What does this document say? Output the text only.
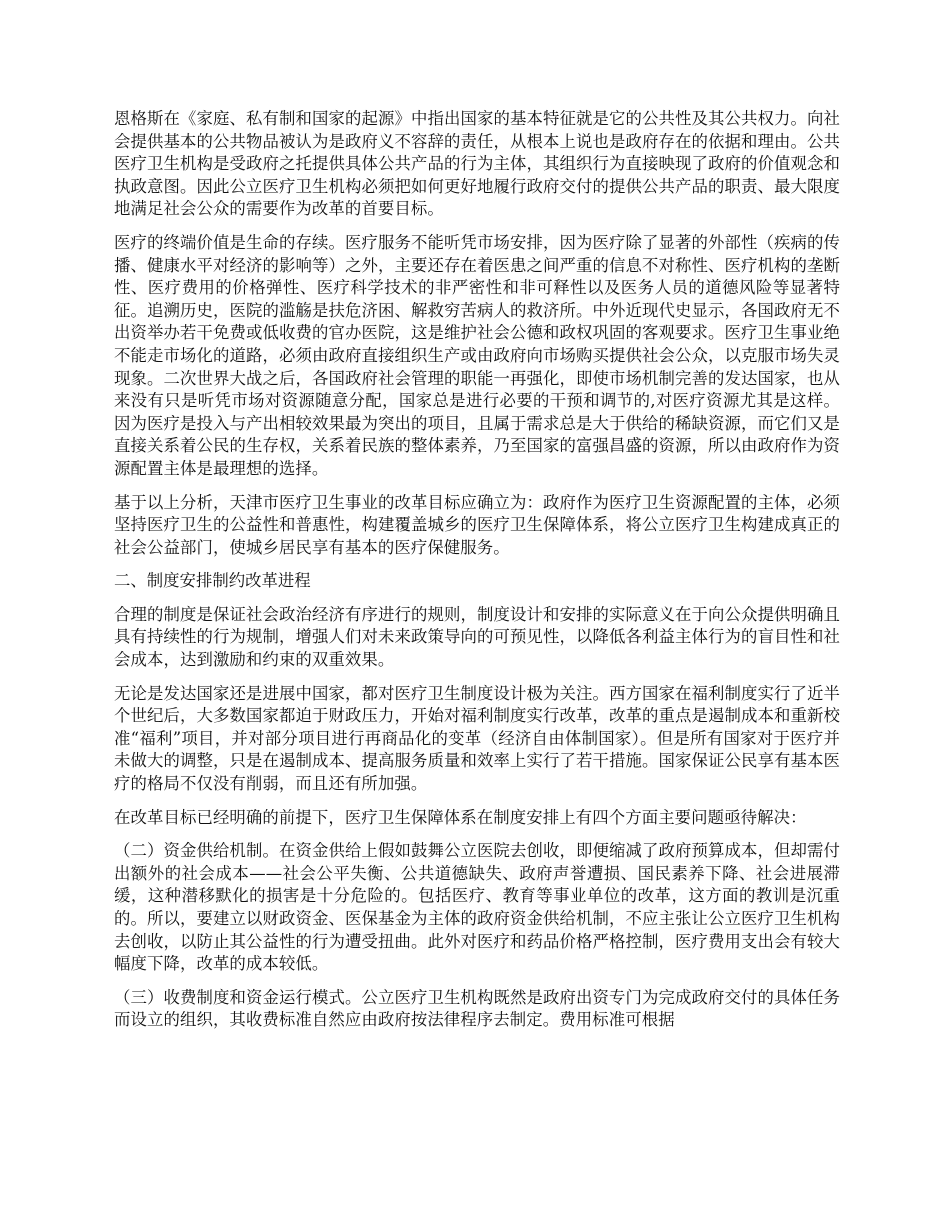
恩格斯在《家庭、私有制和国家的起源》中指出国家的基本特征就是它的公共性及其公共权力。向社会提供基本的公共物品被认为是政府义不容辞的责任，从根本上说也是政府存在的依据和理由。公共医疗卫生机构是受政府之托提供具体公共产品的行为主体，其组织行为直接映现了政府的价值观念和执政意图。因此公立医疗卫生机构必须把如何更好地履行政府交付的提供公共产品的职责、最大限度地满足社会公众的需要作为改革的首要目标。

医疗的终端价值是生命的存续。医疗服务不能听凭市场安排，因为医疗除了显著的外部性（疾病的传播、健康水平对经济的影响等）之外，主要还存在着医患之间严重的信息不对称性、医疗机构的垄断性、医疗费用的价格弹性、医疗科学技术的非严密性和非可释性以及医务人员的道德风险等显著特征。追溯历史，医院的滥觞是扶危济困、解救穷苦病人的救济所。中外近现代史显示，各国政府无不出资举办若干免费或低收费的官办医院，这是维护社会公德和政权巩固的客观要求。医疗卫生事业绝不能走市场化的道路，必须由政府直接组织生产或由政府向市场购买提供社会公众，以克服市场失灵现象。二次世界大战之后，各国政府社会管理的职能一再强化，即使市场机制完善的发达国家，也从来没有只是听凭市场对资源随意分配，国家总是进行必要的干预和调节的,对医疗资源尤其是这样。因为医疗是投入与产出相较效果最为突出的项目，且属于需求总是大于供给的稀缺资源，而它们又是直接关系着公民的生存权，关系着民族的整体素养，乃至国家的富强昌盛的资源，所以由政府作为资源配置主体是最理想的选择。

基于以上分析，天津市医疗卫生事业的改革目标应确立为：政府作为医疗卫生资源配置的主体，必须坚持医疗卫生的公益性和普惠性，构建覆盖城乡的医疗卫生保障体系，将公立医疗卫生构建成真正的社会公益部门，使城乡居民享有基本的医疗保健服务。

二、制度安排制约改革进程

合理的制度是保证社会政治经济有序进行的规则，制度设计和安排的实际意义在于向公众提供明确且具有持续性的行为规制，增强人们对未来政策导向的可预见性，以降低各利益主体行为的盲目性和社会成本，达到激励和约束的双重效果。

无论是发达国家还是进展中国家，都对医疗卫生制度设计极为关注。西方国家在福利制度实行了近半个世纪后，大多数国家都迫于财政压力，开始对福利制度实行改革，改革的重点是遏制成本和重新校准“福利”项目，并对部分项目进行再商品化的变革（经济自由体制国家）。但是所有国家对于医疗并未做大的调整，只是在遏制成本、提高服务质量和效率上实行了若干措施。国家保证公民享有基本医疗的格局不仅没有削弱，而且还有所加强。

在改革目标已经明确的前提下，医疗卫生保障体系在制度安排上有四个方面主要问题亟待解决：

（二）资金供给机制。在资金供给上假如鼓舞公立医院去创收，即便缩减了政府预算成本，但却需付出额外的社会成本——社会公平失衡、公共道德缺失、政府声誉遭损、国民素养下降、社会进展滞缓，这种潜移默化的损害是十分危险的。包括医疗、教育等事业单位的改革，这方面的教训是沉重的。所以，要建立以财政资金、医保基金为主体的政府资金供给机制，不应主张让公立医疗卫生机构去创收，以防止其公益性的行为遭受扭曲。此外对医疗和药品价格严格控制，医疗费用支出会有较大幅度下降，改革的成本较低。

（三）收费制度和资金运行模式。公立医疗卫生机构既然是政府出资专门为完成政府交付的具体任务而设立的组织，其收费标准自然应由政府按法律程序去制定。费用标准可根据
